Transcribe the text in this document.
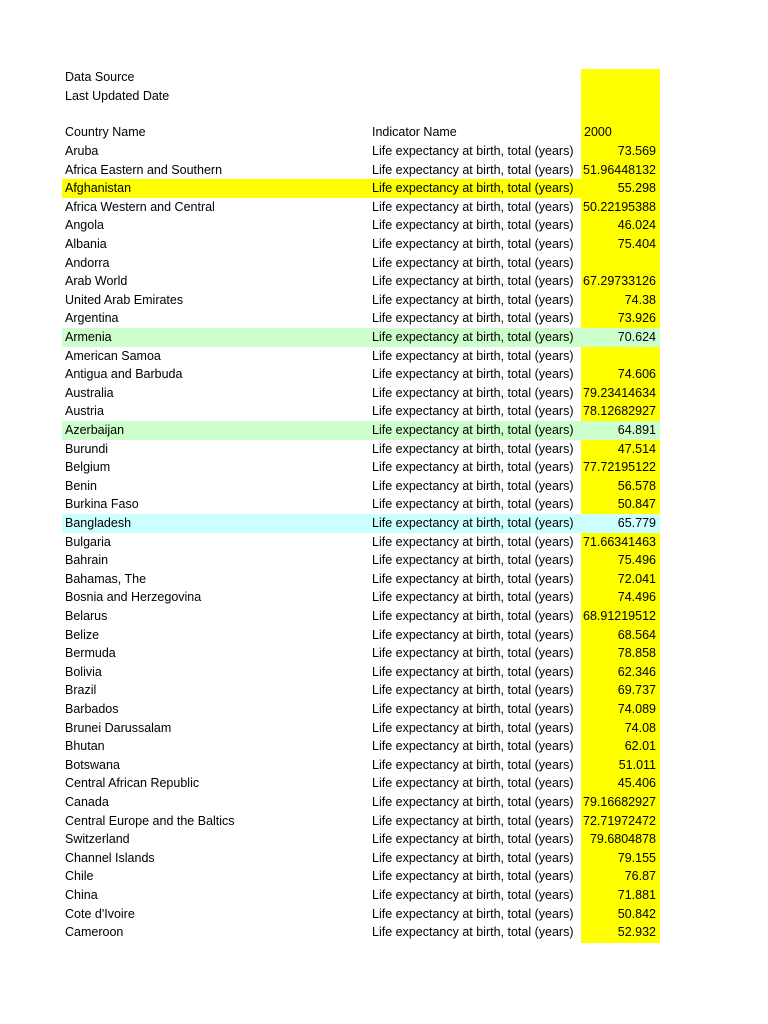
Data Source
Last Updated Date
Country Name	Indicator Name	2000
Aruba	Life expectancy at birth, total (years)	73.569
Africa Eastern and Southern	Life expectancy at birth, total (years) 51.96448132
Afghanistan	Life expectancy at birth, total (years)	55.298
Africa Western and Central	Life expectancy at birth, total (years) 50.22195388
Angola	Life expectancy at birth, total (years)	46.024
Albania	Life expectancy at birth, total (years)	75.404
Andorra	Life expectancy at birth, total (years)
Arab World	Life expectancy at birth, total (years) 67.29733126
United Arab Emirates	Life expectancy at birth, total (years)	74.38
Argentina	Life expectancy at birth, total (years)	73.926
Armenia	Life expectancy at birth, total (years)	70.624
American Samoa	Life expectancy at birth, total (years)
Antigua and Barbuda	Life expectancy at birth, total (years)	74.606
Australia	Life expectancy at birth, total (years) 79.23414634
Austria	Life expectancy at birth, total (years) 78.12682927
Azerbaijan	Life expectancy at birth, total (years)	64.891
Burundi	Life expectancy at birth, total (years)	47.514
Belgium	Life expectancy at birth, total (years) 77.72195122
Benin	Life expectancy at birth, total (years)	56.578
Burkina Faso	Life expectancy at birth, total (years)	50.847
Bangladesh	Life expectancy at birth, total (years)	65.779
Bulgaria	Life expectancy at birth, total (years) 71.66341463
Bahrain	Life expectancy at birth, total (years)	75.496
Bahamas, The	Life expectancy at birth, total (years)	72.041
Bosnia and Herzegovina	Life expectancy at birth, total (years)	74.496
Belarus	Life expectancy at birth, total (years) 68.91219512
Belize	Life expectancy at birth, total (years)	68.564
Bermuda	Life expectancy at birth, total (years)	78.858
Bolivia	Life expectancy at birth, total (years)	62.346
Brazil	Life expectancy at birth, total (years)	69.737
Barbados	Life expectancy at birth, total (years)	74.089
Brunei Darussalam	Life expectancy at birth, total (years)	74.08
Bhutan	Life expectancy at birth, total (years)	62.01
Botswana	Life expectancy at birth, total (years)	51.011
Central African Republic	Life expectancy at birth, total (years)	45.406
Canada	Life expectancy at birth, total (years) 79.16682927
Central Europe and the Baltics	Life expectancy at birth, total (years) 72.71972472
Switzerland	Life expectancy at birth, total (years)	79.6804878
Channel Islands	Life expectancy at birth, total (years)	79.155
Chile	Life expectancy at birth, total (years)	76.87
China	Life expectancy at birth, total (years)	71.881
Cote d'Ivoire	Life expectancy at birth, total (years)	50.842
Cameroon	Life expectancy at birth, total (years)	52.932
